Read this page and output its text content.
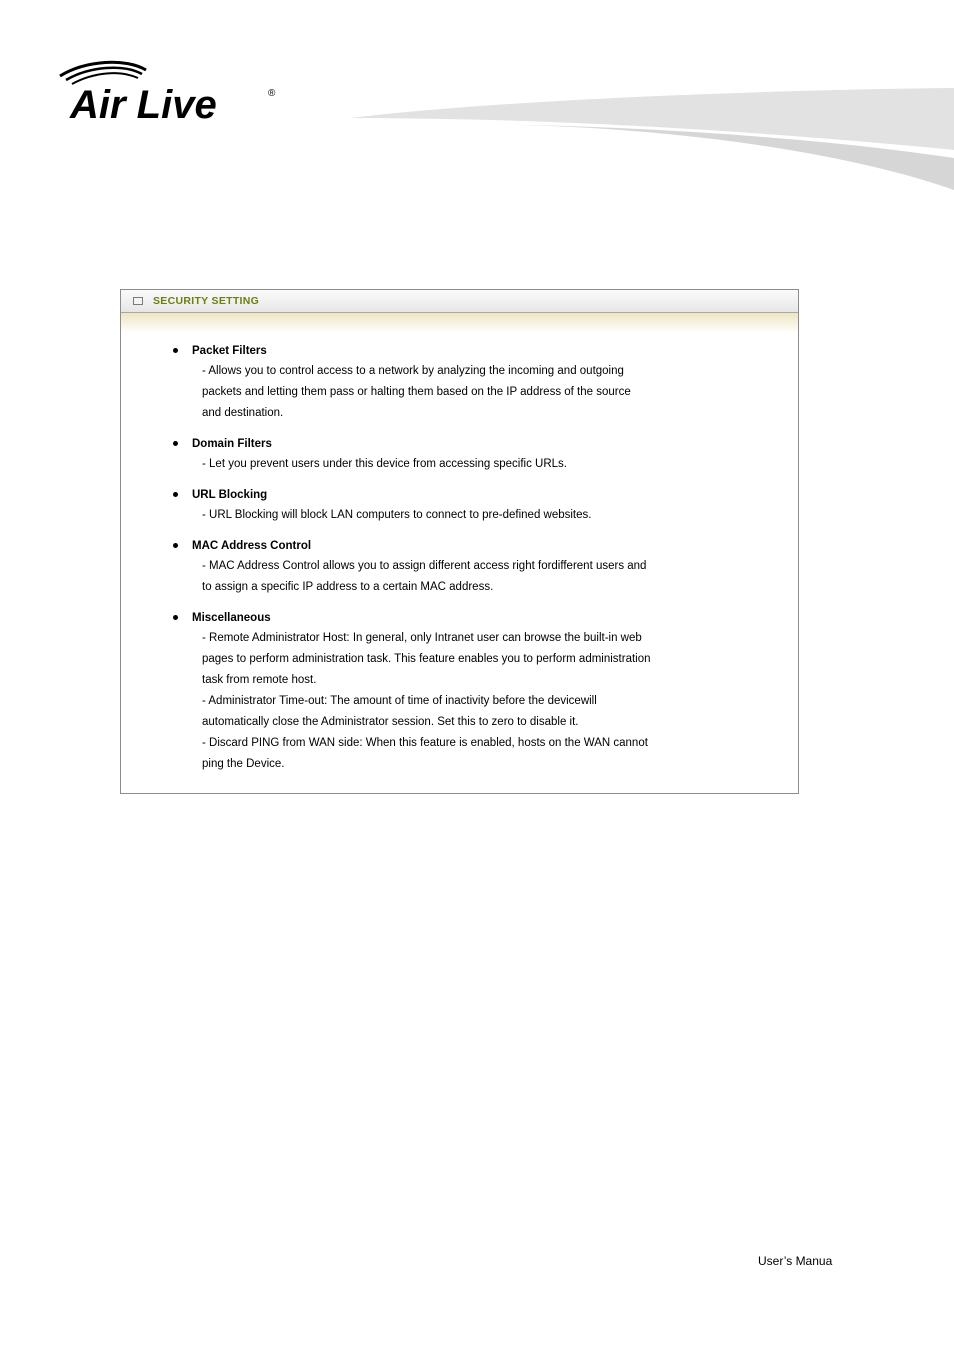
Air Live	®
SECURITY SETTING
Packet Filters
- Allows you to control access to a network by analyzing the incoming and outgoing
packets and letting them pass or halting them based on the IP address of the source
and destination.
Domain Filters
- Let you prevent users under this device from accessing specific URLs.
URL Blocking
- URL Blocking will block LAN computers to connect to pre-defined websites.
MAC Address Control
- MAC Address Control allows you to assign different access right fordifferent users and
to assign a specific IP address to a certain MAC address.
Miscellaneous
- Remote Administrator Host: In general, only Intranet user can browse the built-in web
pages to perform administration task. This feature enables you to perform administration
task from remote host.
- Administrator Time-out: The amount of time of inactivity before the devicewill
automatically close the Administrator session. Set this to zero to disable it.
- Discard PING from WAN side: When this feature is enabled, hosts on the WAN cannot
ping the Device.
User’s Manua
